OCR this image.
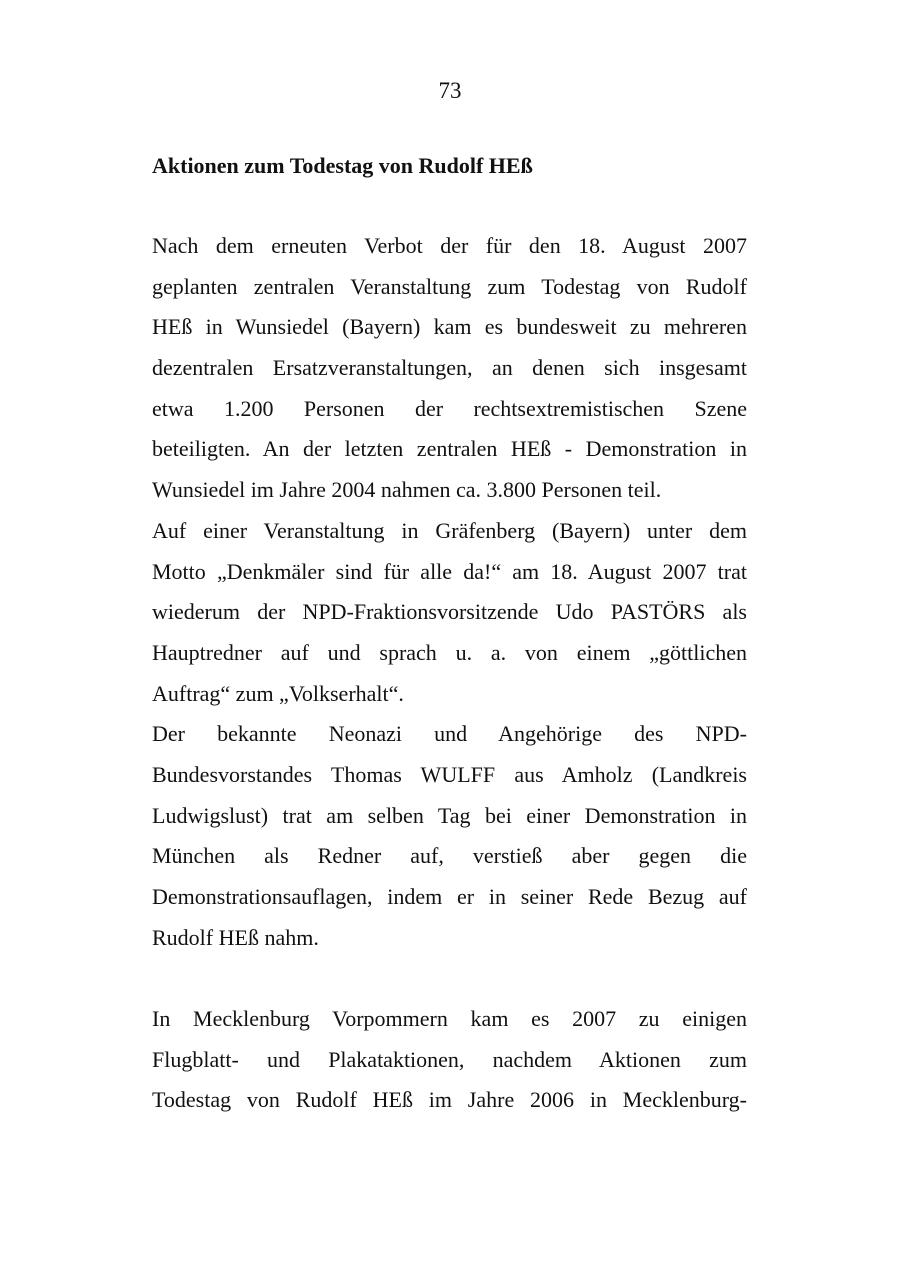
73
Aktionen zum Todestag von Rudolf HEß
Nach dem erneuten Verbot der für den 18. August 2007
geplanten zentralen Veranstaltung zum Todestag von Rudolf
HEß in Wunsiedel (Bayern) kam es bundesweit zu mehreren
dezentralen Ersatzveranstaltungen, an denen sich insgesamt
etwa 1.200 Personen der rechtsextremistischen Szene
beteiligten. An der letzten zentralen HEß - Demonstration in
Wunsiedel im Jahre 2004 nahmen ca. 3.800 Personen teil.
Auf einer Veranstaltung in Gräfenberg (Bayern) unter dem
Motto „Denkmäler sind für alle da!“ am 18. August 2007 trat
wiederum der NPD-Fraktionsvorsitzende Udo PASTÖRS als
Hauptredner auf und sprach u. a. von einem „göttlichen
Auftrag“ zum „Volkserhalt“.
Der bekannte Neonazi und Angehörige des NPD-
Bundesvorstandes Thomas WULFF aus Amholz (Landkreis
Ludwigslust) trat am selben Tag bei einer Demonstration in
München als Redner auf, verstieß aber gegen die
Demonstrationsauflagen, indem er in seiner Rede Bezug auf
Rudolf HEß nahm.
In Mecklenburg Vorpommern kam es 2007 zu einigen
Flugblatt- und Plakataktionen, nachdem Aktionen zum
Todestag von Rudolf HEß im Jahre 2006 in Mecklenburg-
